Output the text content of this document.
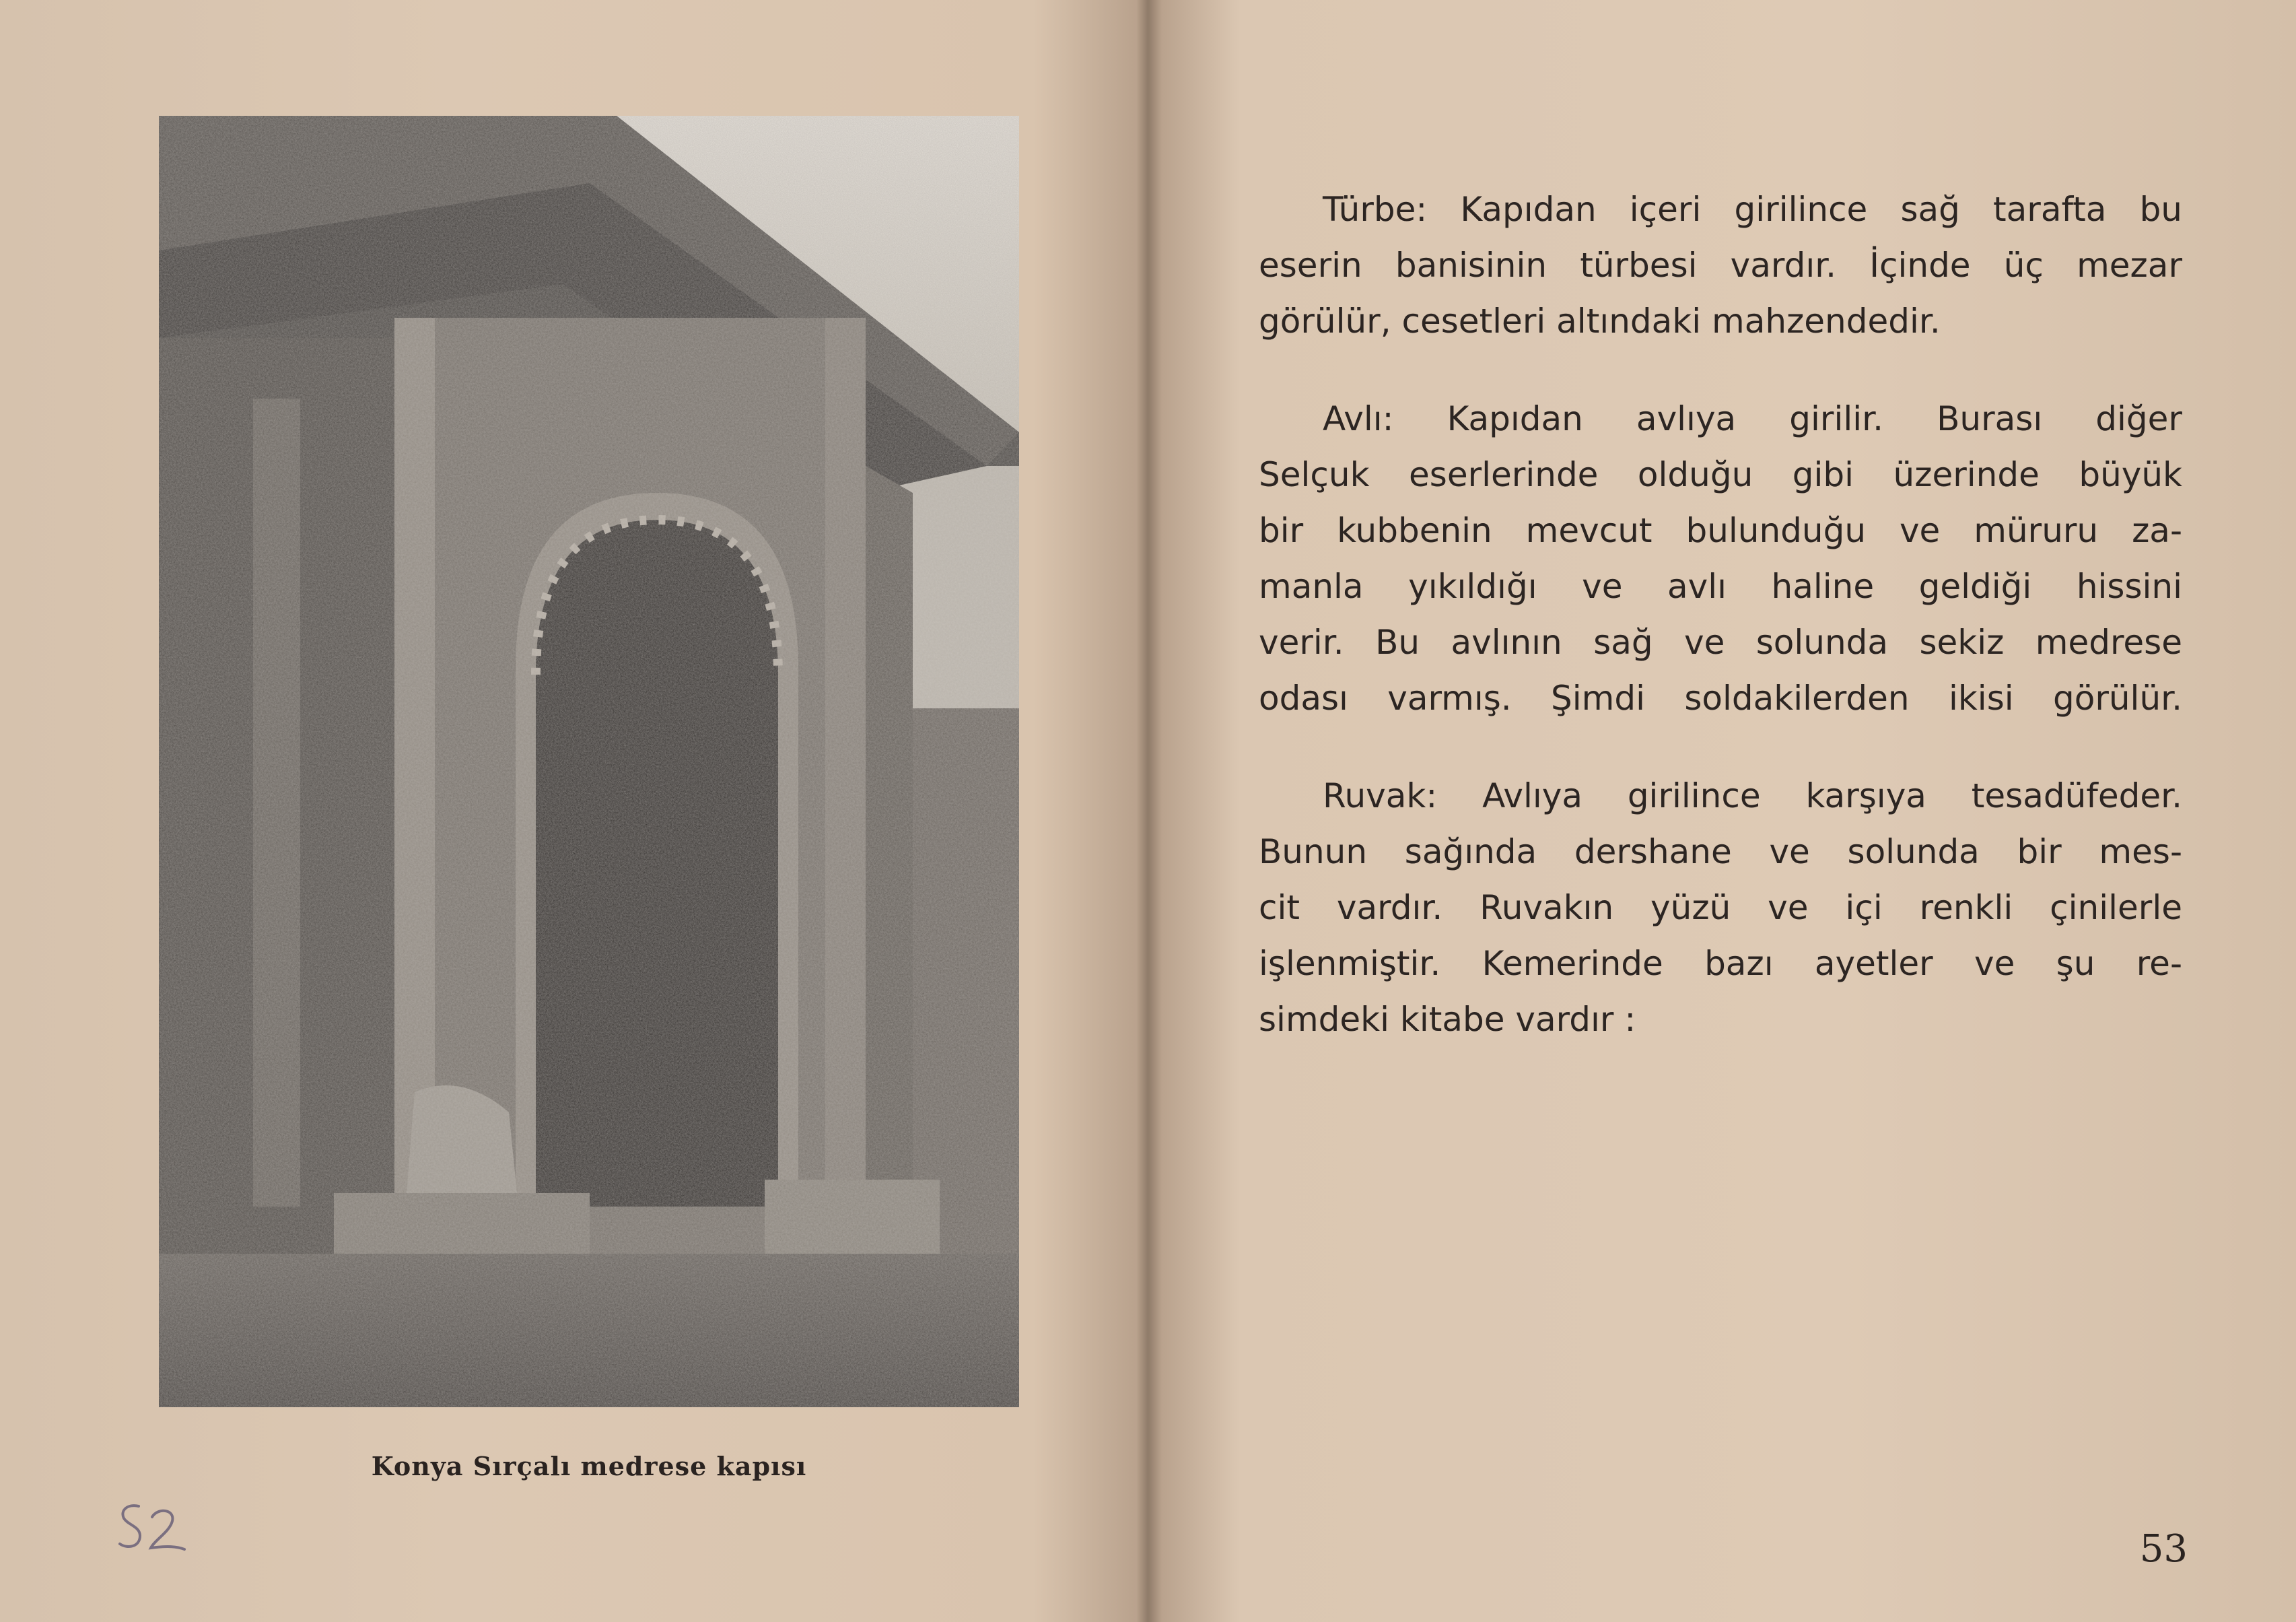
Konya Sırçalı medrese kapısı
Türbe: Kapıdan içeri girilince sağ tarafta bu
eserin banisinin türbesi vardır. İçinde üç mezar
görülür, cesetleri altındaki mahzendedir.
Avlı: Kapıdan avlıya girilir. Burası diğer
Selçuk eserlerinde olduğu gibi üzerinde büyük
bir kubbenin mevcut bulunduğu ve müruru za-
manla yıkıldığı ve avlı haline geldiği hissini
verir. Bu avlının sağ ve solunda sekiz medrese
odası varmış. Şimdi soldakilerden ikisi görülür.
Ruvak: Avlıya girilince karşıya tesadüfeder.
Bunun sağında dershane ve solunda bir mes-
cit vardır. Ruvakın yüzü ve içi renkli çinilerle
işlenmiştir. Kemerinde bazı ayetler ve şu re-
simdeki kitabe vardır :
53
